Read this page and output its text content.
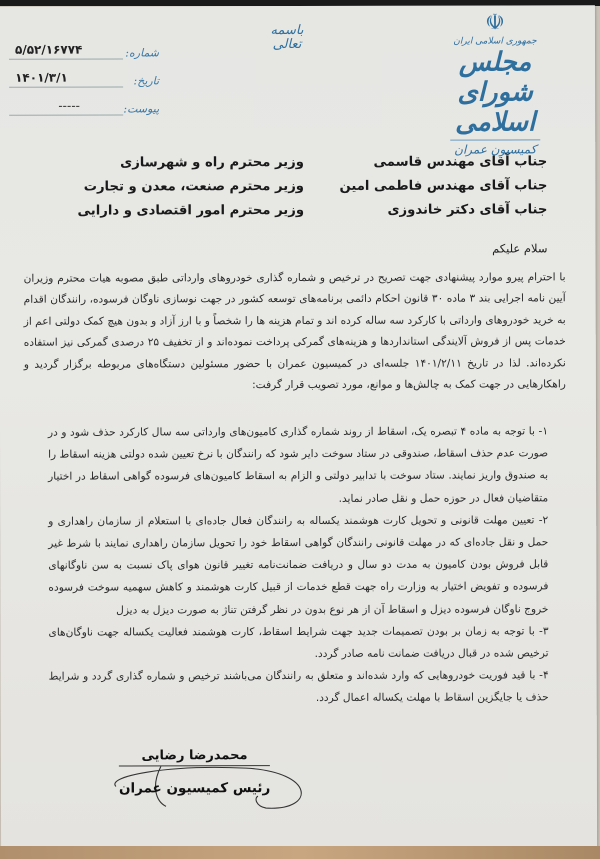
☫
جمهوری اسلامی ایران
مجلس شورای اسلامی
کمیسیون عمران
باسمه تعالی
شماره:
۵/۵۲/۱۶۷۷۴
تاریخ:
۱۴۰۱/۳/۱
پیوست:
-----
جناب آقای مهندس قاسمی
جناب آقای مهندس فاطمی امین
جناب آقای دکتر خاندوزی
وزیر محترم راه و شهرسازی
وزیر محترم صنعت، معدن و تجارت
وزیر محترم امور اقتصادی و دارایی
سلام علیکم
با احترام پیرو موارد پیشنهادی جهت تصریح در ترخیص و شماره گذاری خودروهای وارداتی طبق مصوبه هیات محترم وزیران آیین نامه اجرایی بند ۳ ماده ۳۰ قانون احکام دائمی برنامه‌های توسعه کشور در جهت نوسازی ناوگان فرسوده، رانندگان اقدام به خرید خودروهای وارداتی با کارکرد سه ساله کرده اند و تمام هزینه ها را شخصاً و با ارز آزاد و بدون هیچ کمک دولتی اعم از خدمات پس از فروش آلایندگی استانداردها و هزینه‌های گمرکی پرداخت نموده‌اند و از تخفیف ۲۵ درصدی گمرکی نیز استفاده نکرده‌اند. لذا در تاریخ ۱۴۰۱/۲/۱۱ جلسه‌ای در کمیسیون عمران با حضور مسئولین دستگاه‌های مربوطه برگزار گردید و راهکارهایی در جهت کمک به چالش‌ها و موانع، مورد تصویب قرار گرفت:
۱- با توجه به ماده ۴ تبصره یک، اسقاط از روند شماره گذاری کامیون‌های وارداتی سه سال کارکرد حذف شود و در صورت عدم حذف اسقاط، صندوقی در ستاد سوخت دایر شود که رانندگان با نرخ تعیین شده دولتی هزینه اسقاط را به صندوق واریز نمایند. ستاد سوخت با تدابیر دولتی و الزام به اسقاط کامیون‌های فرسوده گواهی اسقاط در اختیار متقاضیان فعال در حوزه حمل و نقل صادر نماید.
۲- تعیین مهلت قانونی و تحویل کارت هوشمند یکساله به رانندگان فعال جاده‌ای با استعلام از سازمان راهداری و حمل و نقل جاده‌ای که در مهلت قانونی رانندگان گواهی اسقاط خود را تحویل سازمان راهداری نمایند با شرط غیر قابل فروش بودن کامیون به مدت دو سال و دریافت ضمانت‌نامه تغییر قانون هوای پاک نسبت به سن ناوگانهای فرسوده و تفویض اختیار به وزارت راه جهت قطع خدمات از قبیل کارت هوشمند و کاهش سهمیه سوخت فرسوده خروج ناوگان فرسوده دیزل و اسقاط آن از هر نوع بدون در نظر گرفتن تناژ به صورت دیزل به دیزل
۳- با توجه به زمان بر بودن تصمیمات جدید جهت شرایط اسقاط، کارت هوشمند فعالیت یکساله جهت ناوگان‌های ترخیص شده در قبال دریافت ضمانت نامه صادر گردد.
۴- با قید فوریت خودروهایی که وارد شده‌اند و متعلق به رانندگان می‌باشند ترخیص و شماره گذاری گردد و شرایط حذف یا جایگزین اسقاط با مهلت یکساله اعمال گردد.
محمدرضا رضایی
رئیس کمیسیون عمران
